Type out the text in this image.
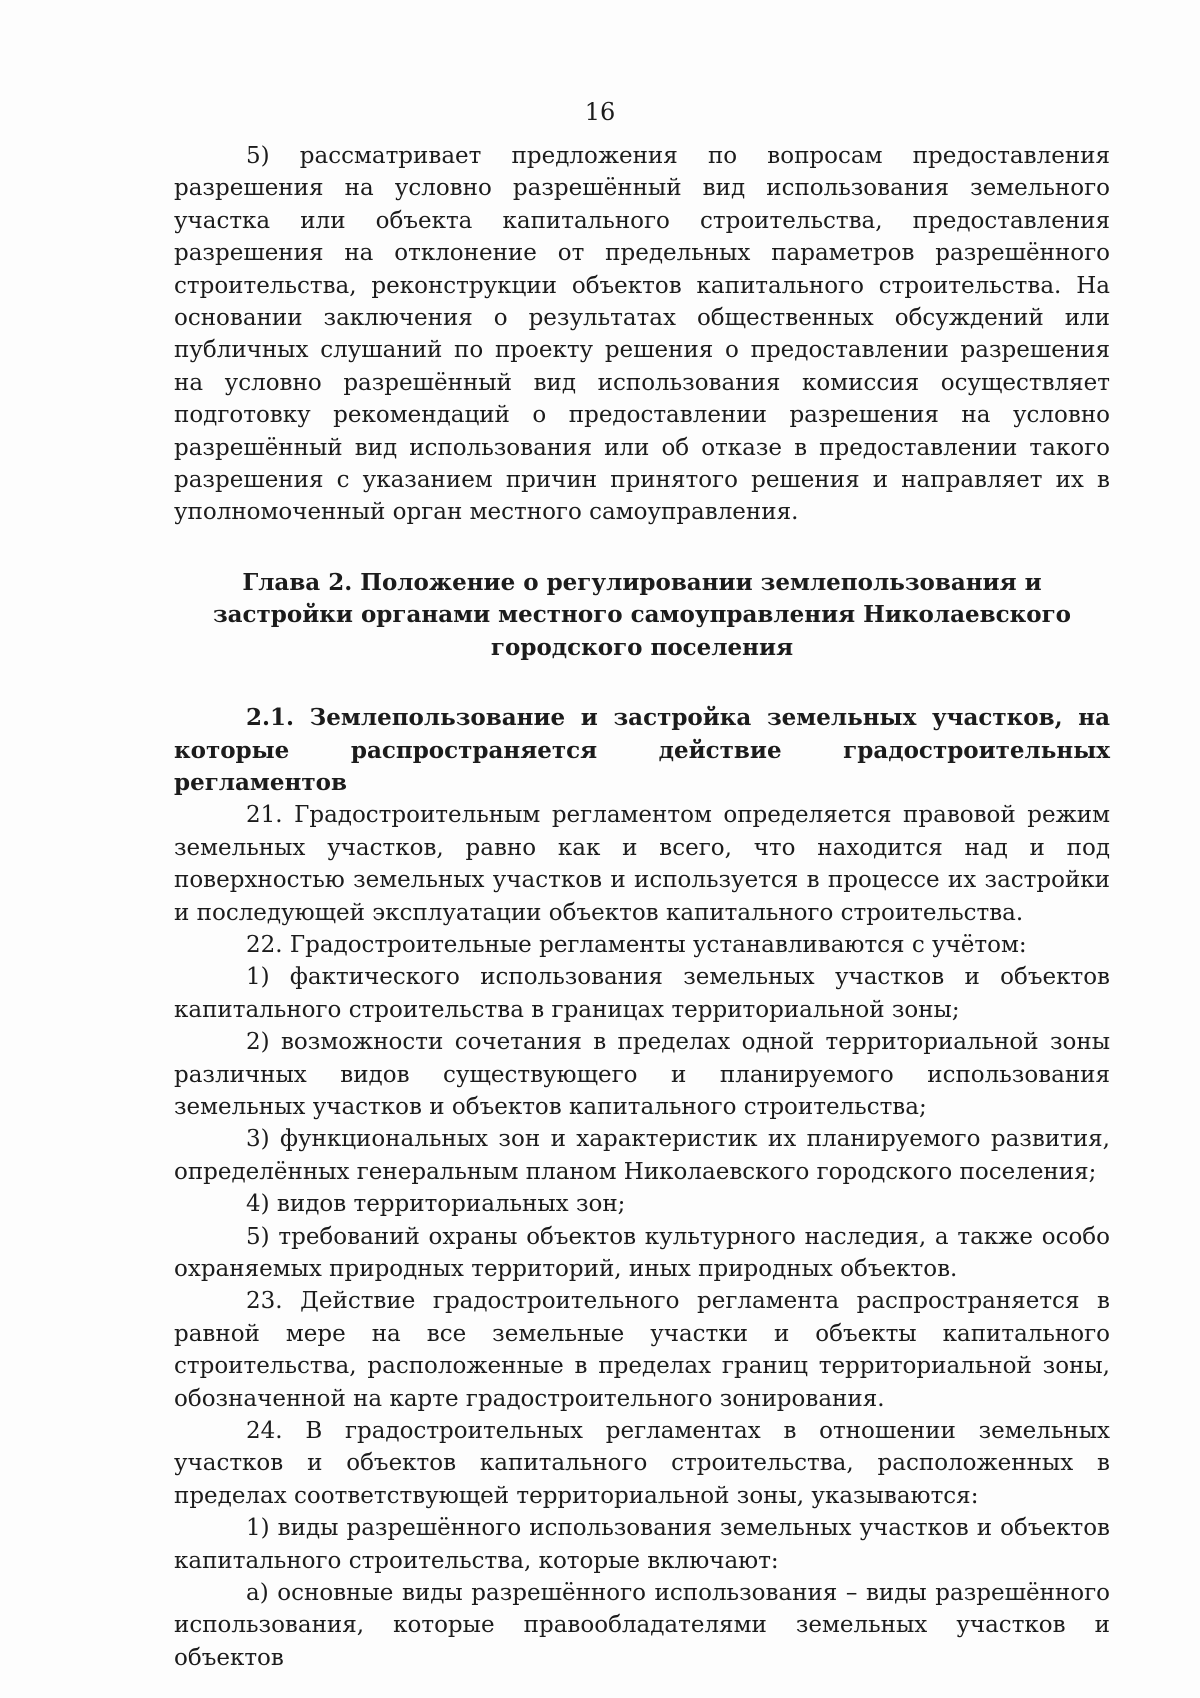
16

5) рассматривает предложения по вопросам предоставления разрешения на условно разрешённый вид использования земельного участка или объекта капитального строительства, предоставления разрешения на отклонение от предельных параметров разрешённого строительства, реконструкции объектов капитального строительства. На основании заключения о результатах общественных обсуждений или публичных слушаний по проекту решения о предоставлении разрешения на условно разрешённый вид использования комиссия осуществляет подготовку рекомендаций о предоставлении разрешения на условно разрешённый вид использования или об отказе в предоставлении такого разрешения с указанием причин принятого решения и направляет их в уполномоченный орган местного самоуправления.

Глава 2. Положение о регулировании землепользования и застройки органами местного самоуправления Николаевского городского поселения
2.1. Землепользование и застройка земельных участков, на которые распространяется действие градостроительных регламентов

21. Градостроительным регламентом определяется правовой режим земельных участков, равно как и всего, что находится над и под поверхностью земельных участков и используется в процессе их застройки и последующей эксплуатации объектов капитального строительства.

22. Градостроительные регламенты устанавливаются с учётом:

1) фактического использования земельных участков и объектов капитального строительства в границах территориальной зоны;

2) возможности сочетания в пределах одной территориальной зоны различных видов существующего и планируемого использования земельных участков и объектов капитального строительства;

3) функциональных зон и характеристик их планируемого развития, определённых генеральным планом Николаевского городского поселения;

4) видов территориальных зон;

5) требований охраны объектов культурного наследия, а также особо охраняемых природных территорий, иных природных объектов.

23. Действие градостроительного регламента распространяется в равной мере на все земельные участки и объекты капитального строительства, расположенные в пределах границ территориальной зоны, обозначенной на карте градостроительного зонирования.

24. В градостроительных регламентах в отношении земельных участков и объектов капитального строительства, расположенных в пределах соответствующей территориальной зоны, указываются:

1) виды разрешённого использования земельных участков и объектов капитального строительства, которые включают:

а) основные виды разрешённого использования – виды разрешённого использования, которые правообладателями земельных участков и объектов
